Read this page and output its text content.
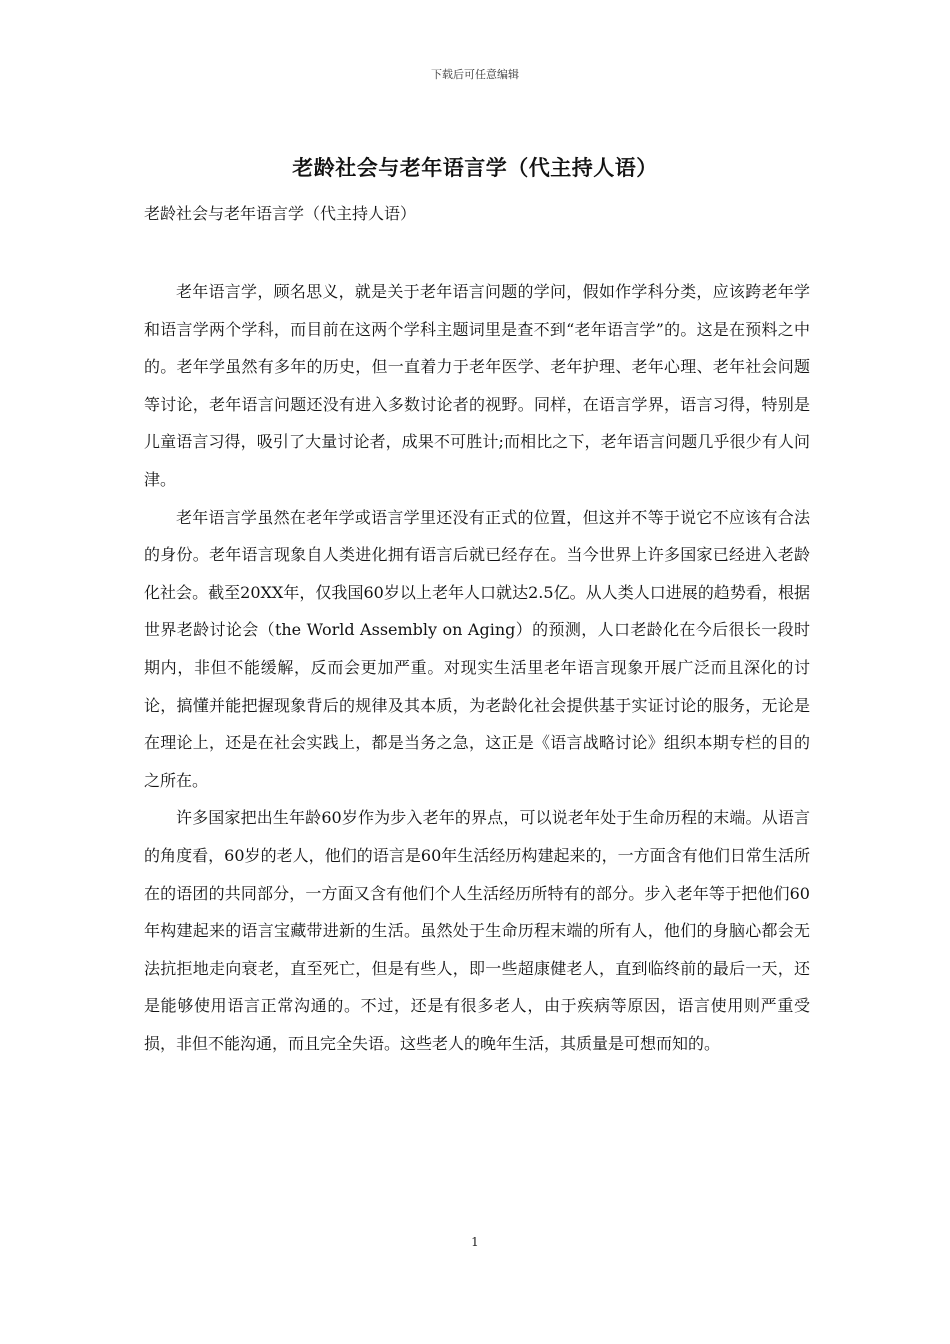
下载后可任意编辑
老龄社会与老年语言学（代主持人语）
老龄社会与老年语言学（代主持人语）

老年语言学，顾名思义，就是关于老年语言问题的学问，假如作学科分类，应该跨老年学和语言学两个学科，而目前在这两个学科主题词里是查不到“老年语言学”的。这是在预料之中的。老年学虽然有多年的历史，但一直着力于老年医学、老年护理、老年心理、老年社会问题等讨论，老年语言问题还没有进入多数讨论者的视野。同样，在语言学界，语言习得，特别是儿童语言习得，吸引了大量讨论者，成果不可胜计;而相比之下，老年语言问题几乎很少有人问津。

老年语言学虽然在老年学或语言学里还没有正式的位置，但这并不等于说它不应该有合法的身份。老年语言现象自人类进化拥有语言后就已经存在。当今世界上许多国家已经进入老龄化社会。截至20XX年，仅我国60岁以上老年人口就达2.5亿。从人类人口进展的趋势看，根据世界老龄讨论会（the World Assembly on Aging）的预测，人口老龄化在今后很长一段时期内，非但不能缓解，反而会更加严重。对现实生活里老年语言现象开展广泛而且深化的讨论，搞懂并能把握现象背后的规律及其本质，为老龄化社会提供基于实证讨论的服务，无论是在理论上，还是在社会实践上，都是当务之急，这正是《语言战略讨论》组织本期专栏的目的之所在。

许多国家把出生年龄60岁作为步入老年的界点，可以说老年处于生命历程的末端。从语言的角度看，60岁的老人，他们的语言是60年生活经历构建起来的，一方面含有他们日常生活所在的语团的共同部分，一方面又含有他们个人生活经历所特有的部分。步入老年等于把他们60年构建起来的语言宝藏带进新的生活。虽然处于生命历程末端的所有人，他们的身脑心都会无法抗拒地走向衰老，直至死亡，但是有些人，即一些超康健老人，直到临终前的最后一天，还是能够使用语言正常沟通的。不过，还是有很多老人，由于疾病等原因，语言使用则严重受损，非但不能沟通，而且完全失语。这些老人的晚年生活，其质量是可想而知的。

1
